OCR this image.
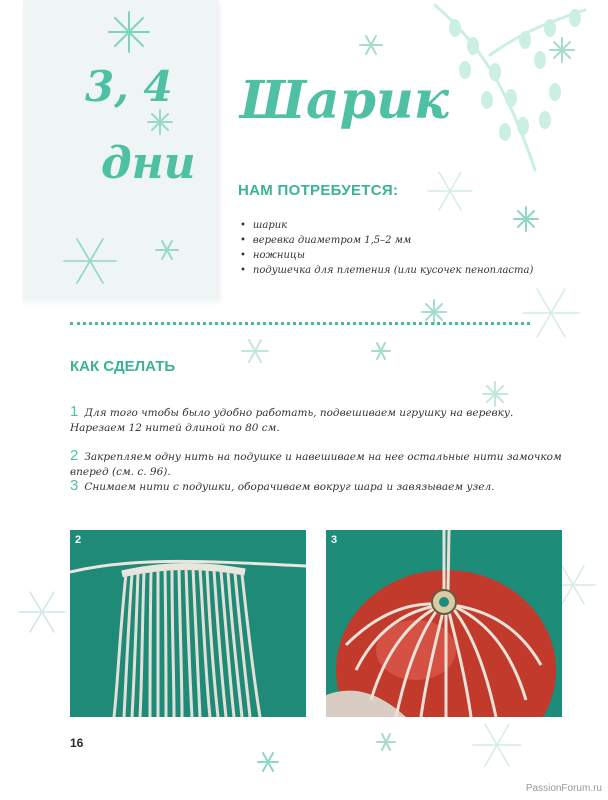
3, 4
дни
Шарик
НАМ ПОТРЕБУЕТСЯ:
• шарик
• веревка диаметром 1,5–2 мм
• ножницы
• подушечка для плетения (или кусочек пенопласта)
КАК СДЕЛАТЬ
1 Для того чтобы было удобно работать, подвешиваем игрушку на веревку.
Нарезаем 12 нитей длиной по 80 см.
2 Закрепляем одну нить на подушке и навешиваем на нее остальные нити замочком вперед (см. с. 96).
3 Снимаем нити с подушки, оборачиваем вокруг шара и завязываем узел.
2	3
16
PassionForum.ru
